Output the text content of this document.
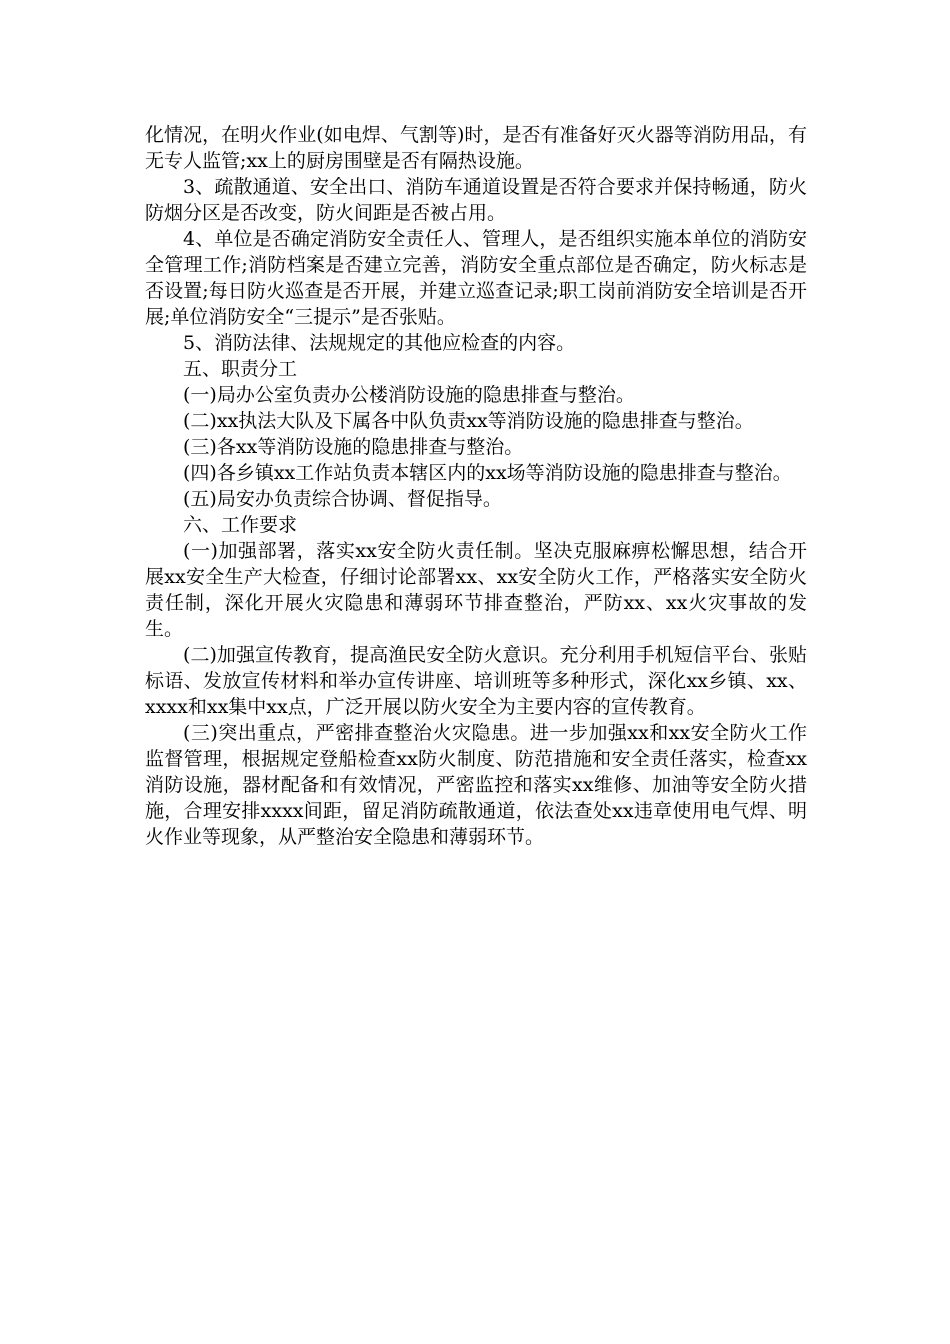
化情况，在明火作业(如电焊、气割等)时，是否有准备好灭火器等消防用品，有无专人监管;xx上的厨房围壁是否有隔热设施。

3、疏散通道、安全出口、消防车通道设置是否符合要求并保持畅通，防火防烟分区是否改变，防火间距是否被占用。

4、单位是否确定消防安全责任人、管理人，是否组织实施本单位的消防安全管理工作;消防档案是否建立完善，消防安全重点部位是否确定，防火标志是否设置;每日防火巡查是否开展，并建立巡查记录;职工岗前消防安全培训是否开展;单位消防安全“三提示”是否张贴。

5、消防法律、法规规定的其他应检查的内容。

五、职责分工

(一)局办公室负责办公楼消防设施的隐患排查与整治。

(二)xx执法大队及下属各中队负责xx等消防设施的隐患排查与整治。

(三)各xx等消防设施的隐患排查与整治。

(四)各乡镇xx工作站负责本辖区内的xx场等消防设施的隐患排查与整治。

(五)局安办负责综合协调、督促指导。

六、工作要求

(一)加强部署，落实xx安全防火责任制。坚决克服麻痹松懈思想，结合开展xx安全生产大检查，仔细讨论部署xx、xx安全防火工作，严格落实安全防火责任制，深化开展火灾隐患和薄弱环节排查整治，严防xx、xx火灾事故的发生。

(二)加强宣传教育，提高渔民安全防火意识。充分利用手机短信平台、张贴标语、发放宣传材料和举办宣传讲座、培训班等多种形式，深化xx乡镇、xx、xxxx和xx集中xx点，广泛开展以防火安全为主要内容的宣传教育。

(三)突出重点，严密排查整治火灾隐患。进一步加强xx和xx安全防火工作监督管理，根据规定登船检查xx防火制度、防范措施和安全责任落实，检查xx消防设施，器材配备和有效情况，严密监控和落实xx维修、加油等安全防火措施，合理安排xxxx间距，留足消防疏散通道，依法查处xx违章使用电气焊、明火作业等现象，从严整治安全隐患和薄弱环节。
